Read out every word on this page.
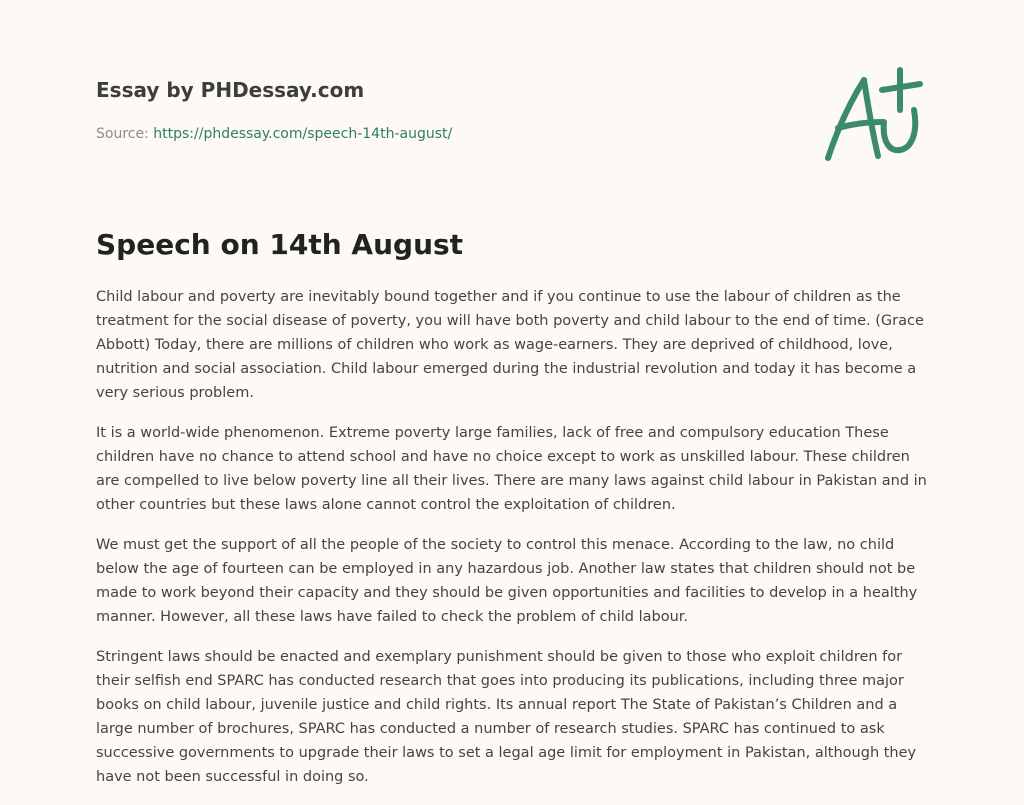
Essay by PHDessay.com
Source: https://phdessay.com/speech-14th-august/
Speech on 14th August

Child labour and poverty are inevitably bound together and if you continue to use the labour of children as the treatment for the social disease of poverty, you will have both poverty and child labour to the end of time. (Grace Abbott) Today, there are millions of children who work as wage-earners. They are deprived of childhood, love, nutrition and social association. Child labour emerged during the industrial revolution and today it has become a very serious problem.

It is a world-wide phenomenon. Extreme poverty large families, lack of free and compulsory education These children have no chance to attend school and have no choice except to work as unskilled labour. These children are compelled to live below poverty line all their lives. There are many laws against child labour in Pakistan and in other countries but these laws alone cannot control the exploitation of children.

We must get the support of all the people of the society to control this menace. According to the law, no child below the age of fourteen can be employed in any hazardous job. Another law states that children should not be made to work beyond their capacity and they should be given opportunities and facilities to develop in a healthy manner. However, all these laws have failed to check the problem of child labour.

Stringent laws should be enacted and exemplary punishment should be given to those who exploit children for their selfish end SPARC has conducted research that goes into producing its publications, including three major books on child labour, juvenile justice and child rights. Its annual report The State of Pakistan’s Children and a large number of brochures, SPARC has conducted a number of research studies. SPARC has continued to ask successive governments to upgrade their laws to set a legal age limit for employment in Pakistan, although they have not been successful in doing so.
